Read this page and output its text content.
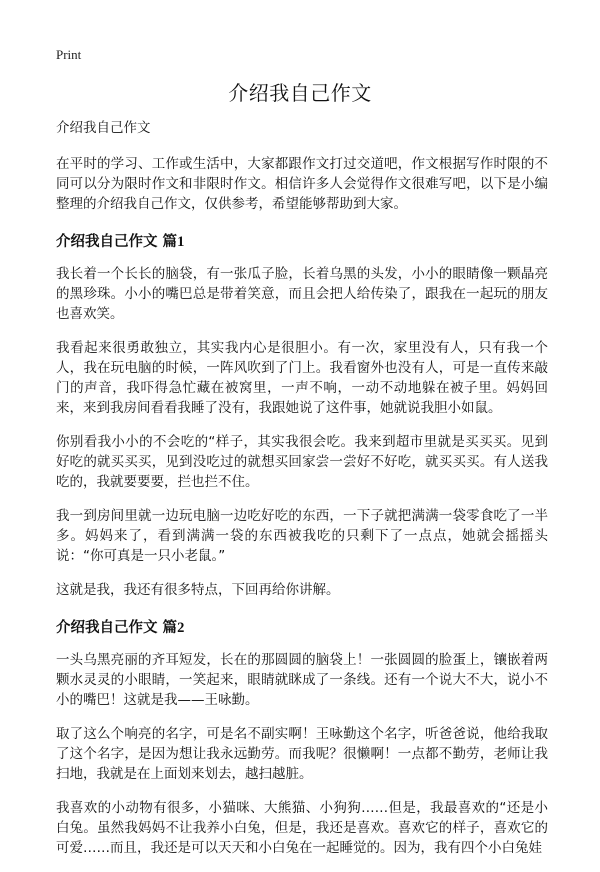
Print
介绍我自己作文
介绍我自己作文

在平时的学习、工作或生活中，大家都跟作文打过交道吧，作文根据写作时限的不同可以分为限时作文和非限时作文。相信许多人会觉得作文很难写吧，以下是小编整理的介绍我自己作文，仅供参考，希望能够帮助到大家。

介绍我自己作文 篇1

我长着一个长长的脑袋，有一张瓜子脸，长着乌黑的头发，小小的眼睛像一颗晶亮的黑珍珠。小小的嘴巴总是带着笑意，而且会把人给传染了，跟我在一起玩的朋友也喜欢笑。

我看起来很勇敢独立，其实我内心是很胆小。有一次，家里没有人，只有我一个人，我在玩电脑的时候，一阵风吹到了门上。我看窗外也没有人，可是一直传来敲门的声音，我吓得急忙藏在被窝里，一声不响，一动不动地躲在被子里。妈妈回来，来到我房间看看我睡了没有，我跟她说了这件事，她就说我胆小如鼠。

你别看我小小的不会吃的“样子，其实我很会吃。我来到超市里就是买买买。见到好吃的就买买买，见到没吃过的就想买回家尝一尝好不好吃，就买买买。有人送我吃的，我就要要要，拦也拦不住。

我一到房间里就一边玩电脑一边吃好吃的东西，一下子就把满满一袋零食吃了一半多。妈妈来了，看到满满一袋的东西被我吃的只剩下了一点点，她就会摇摇头说：“你可真是一只小老鼠。”

这就是我，我还有很多特点，下回再给你讲解。

介绍我自己作文 篇2

一头乌黑亮丽的齐耳短发，长在的那圆圆的脑袋上！一张圆圆的脸蛋上，镶嵌着两颗水灵灵的小眼睛，一笑起来，眼睛就眯成了一条线。还有一个说大不大，说小不小的嘴巴！这就是我——王咏勤。

取了这么个响亮的名字，可是名不副实啊！王咏勤这个名字，听爸爸说，他给我取了这个名字，是因为想让我永远勤劳。而我呢？很懒啊！一点都不勤劳，老师让我扫地，我就是在上面划来划去，越扫越脏。

我喜欢的小动物有很多，小猫咪、大熊猫、小狗狗……但是，我最喜欢的“还是小白兔。虽然我妈妈不让我养小白兔，但是，我还是喜欢。喜欢它的样子，喜欢它的可爱……而且，我还是可以天天和小白兔在一起睡觉的。因为，我有四个小白兔娃
